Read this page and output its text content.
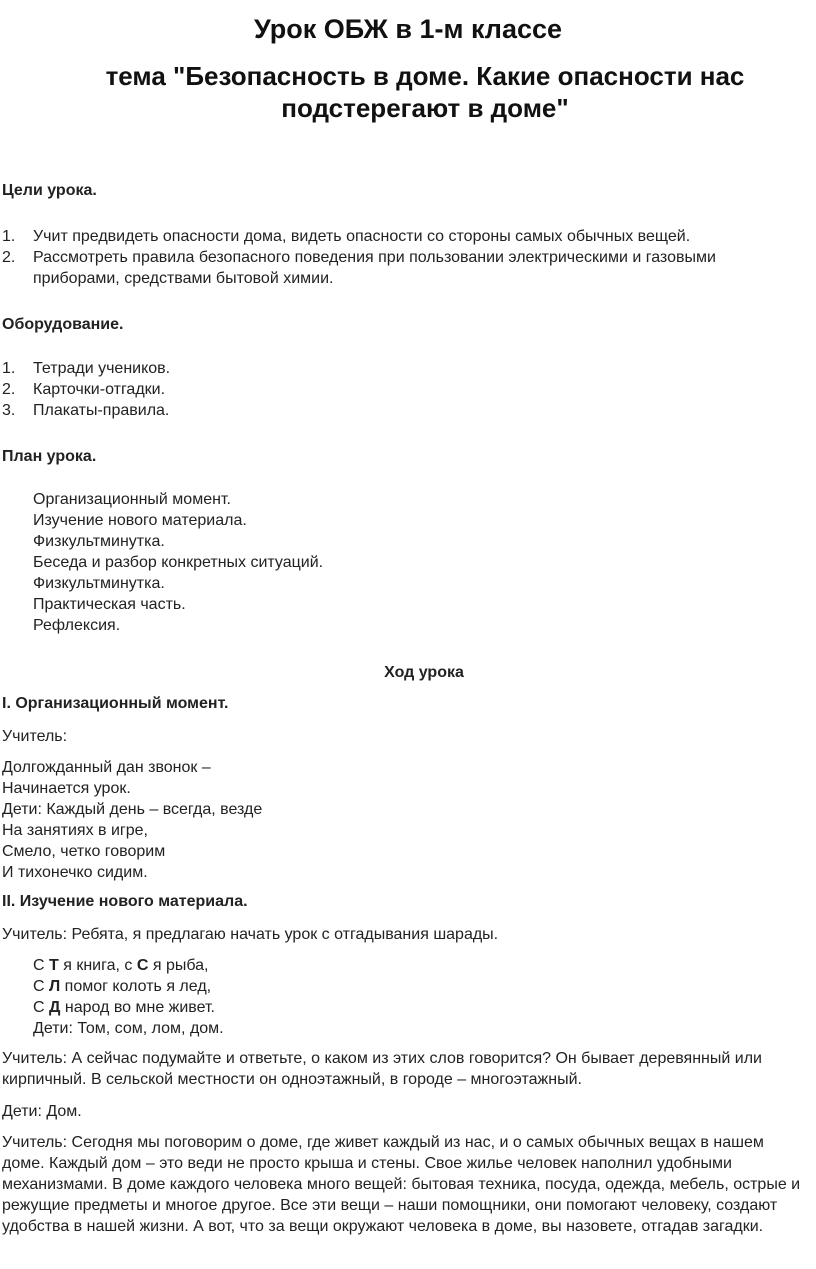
Урок ОБЖ в 1-м классе
тема "Безопасность в доме. Какие опасности нас подстерегают в доме"

Цели урока.

1. Учит предвидеть опасности дома, видеть опасности со стороны самых обычных вещей.
2. Рассмотреть правила безопасного поведения при пользовании электрическими и газовыми приборами, средствами бытовой химии.

Оборудование.

1. Тетради учеников.
2. Карточки-отгадки.
3. Плакаты-правила.

План урока.

Организационный момент.
Изучение нового материала.
Физкультминутка.
Беседа и разбор конкретных ситуаций.
Физкультминутка.
Практическая часть.
Рефлексия.

Ход урока

I. Организационный момент.

Учитель:

Долгожданный дан звонок –
Начинается урок.
Дети: Каждый день – всегда, везде
На занятиях в игре,
Смело, четко говорим
И тихонечко сидим.

II. Изучение нового материала.

Учитель: Ребята, я предлагаю начать урок с отгадывания шарады.

С Т я книга, с С я рыба,
С Л помог колоть я лед,
С Д народ во мне живет.
Дети: Том, сом, лом, дом.

Учитель: А сейчас подумайте и ответьте, о каком из этих слов говорится? Он бывает деревянный или кирпичный. В сельской местности он одноэтажный, в городе – многоэтажный.

Дети: Дом.

Учитель: Сегодня мы поговорим о доме, где живет каждый из нас, и о самых обычных вещах в нашем доме. Каждый дом – это веди не просто крыша и стены. Свое жилье человек наполнил удобными механизмами. В доме каждого человека много вещей: бытовая техника, посуда, одежда, мебель, острые и режущие предметы и многое другое. Все эти вещи – наши помощники, они помогают человеку, создают удобства в нашей жизни. А вот, что за вещи окружают человека в доме, вы назовете, отгадав загадки.
